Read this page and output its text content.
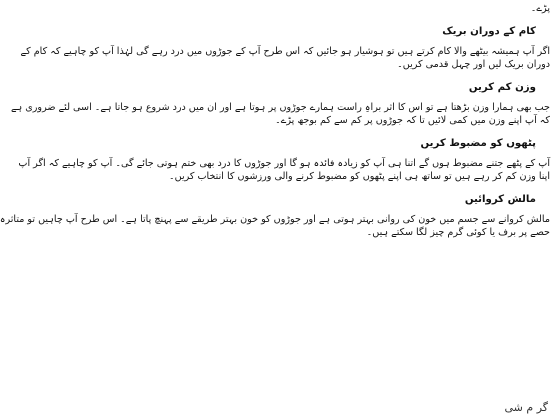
پڑے۔
کام کے دوران بریک
اگر آپ ہمیشہ بیٹھے والا کام کرتے ہیں تو ہوشیار ہو جائیں کہ اس طرح آپ کے جوڑوں میں درد رہے گی لہٰذا آپ کو چاہیے کہ کام کے
دوران بریک لیں اور چہل قدمی کریں۔
وزن کم کریں
جب بھی ہمارا وزن بڑھتا ہے تو اس کا اثر براہِ راست ہمارے جوڑوں پر ہوتا ہے اور ان میں درد شروع ہو جاتا ہے۔ اسی لئے ضروری ہے
کہ آپ اپنے وزن میں کمی لائیں تا کہ جوڑوں پر کم سے کم بوجھ پڑے۔
پٹھوں کو مضبوط کریں
آپ کے پٹھے جتنے مضبوط ہوں گے اتنا ہی آپ کو زیادہ فائدہ ہو گا اور جوڑوں کا درد بھی ختم ہوتی جائے گی۔ آپ کو چاہیے کہ اگر آپ
اپنا وزن کم کر رہے ہیں تو ساتھ ہی اپنے پٹھوں کو مضبوط کرنے والی ورزشوں کا انتخاب کریں۔
مالش کروائیں
مالش کروانے سے جسم میں خون کی روانی بہتر ہوتی ہے اور جوڑوں کو خون بہتر طریقے سے پہنچ پاتا ہے۔ اس طرح آپ چاہیں تو متاثرہ
حصے پر برف یا کوئی گرم چیز لگا سکتے ہیں۔
گر م شی
